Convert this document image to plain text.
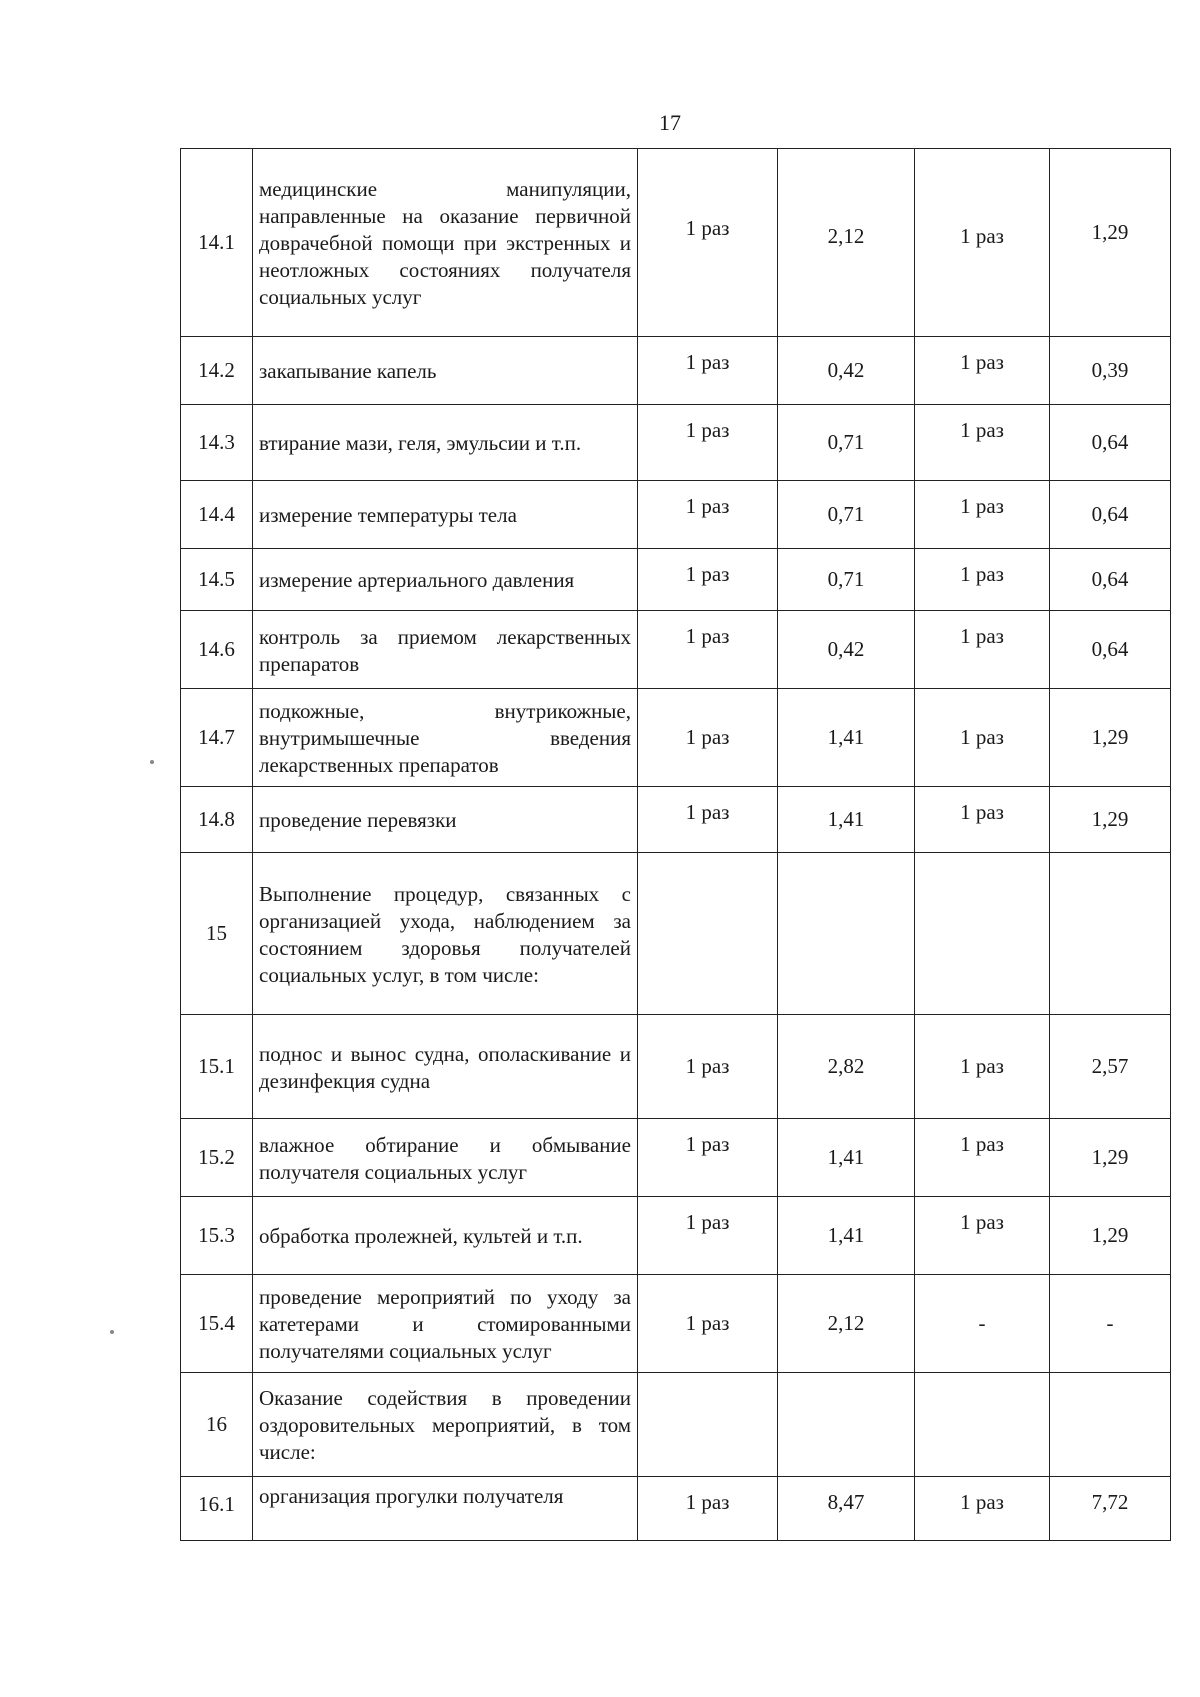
17
14.1	медицинские манипуляции, направленные на оказание первичной доврачебной помощи при экстренных и неотложных состояниях получателя социальных услуг	1 раз	2,12	1 раз	1,29
14.2	закапывание капель	1 раз	0,42	1 раз	0,39
14.3	втирание мази, геля, эмульсии и т.п.	1 раз	0,71	1 раз	0,64
14.4	измерение температуры тела	1 раз	0,71	1 раз	0,64
14.5	измерение артериального давления	1 раз	0,71	1 раз	0,64
14.6	контроль за приемом лекарственных препаратов	1 раз	0,42	1 раз	0,64
14.7	подкожные, внутрикожные, внутримышечные введения лекарственных препаратов	1 раз	1,41	1 раз	1,29
14.8	проведение перевязки	1 раз	1,41	1 раз	1,29
15	Выполнение процедур, связанных с организацией ухода, наблюдением за состоянием здоровья получателей социальных услуг, в том числе:				

15.1	поднос и вынос судна, ополаскивание и дезинфекция судна	1 раз	2,82	1 раз	2,57
15.2	влажное обтирание и обмывание получателя социальных услуг	1 раз	1,41	1 раз	1,29
15.3	обработка пролежней, культей и т.п.	1 раз	1,41	1 раз	1,29
15.4	проведение мероприятий по уходу за катетерами и стомированными получателями социальных услуг	1 раз	2,12	-	-
16	Оказание содействия в проведении оздоровительных мероприятий, в том числе:				

16.1	организация прогулки получателя	1 раз	8,47	1 раз	7,72
